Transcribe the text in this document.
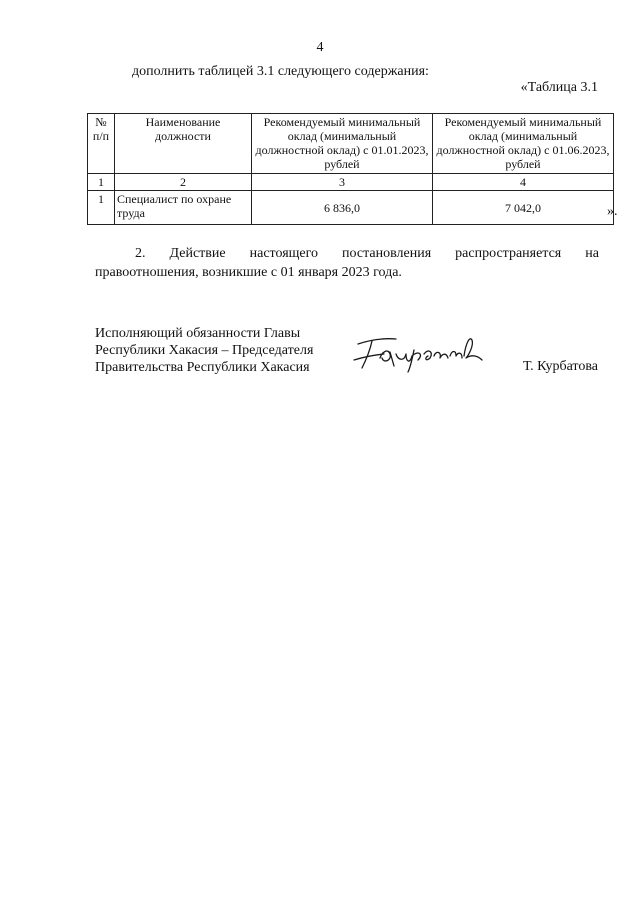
4
дополнить таблицей 3.1 следующего содержания:
«Таблица 3.1
№ п/п	Наименование должности	Рекомендуемый минимальный оклад (минимальный должностной оклад) с 01.01.2023, рублей	Рекомендуемый минимальный оклад (минимальный должностной оклад) с 01.06.2023, рублей
1	2	3	4
1	Специалист по охране труда	6 836,0	7 042,0	».
2. Действие настоящего постановления распространяется на
правоотношения, возникшие с 01 января 2023 года.
Исполняющий обязанности Главы
Республики Хакасия – Председателя
Правительства Республики Хакасия	Т. Курбатова
